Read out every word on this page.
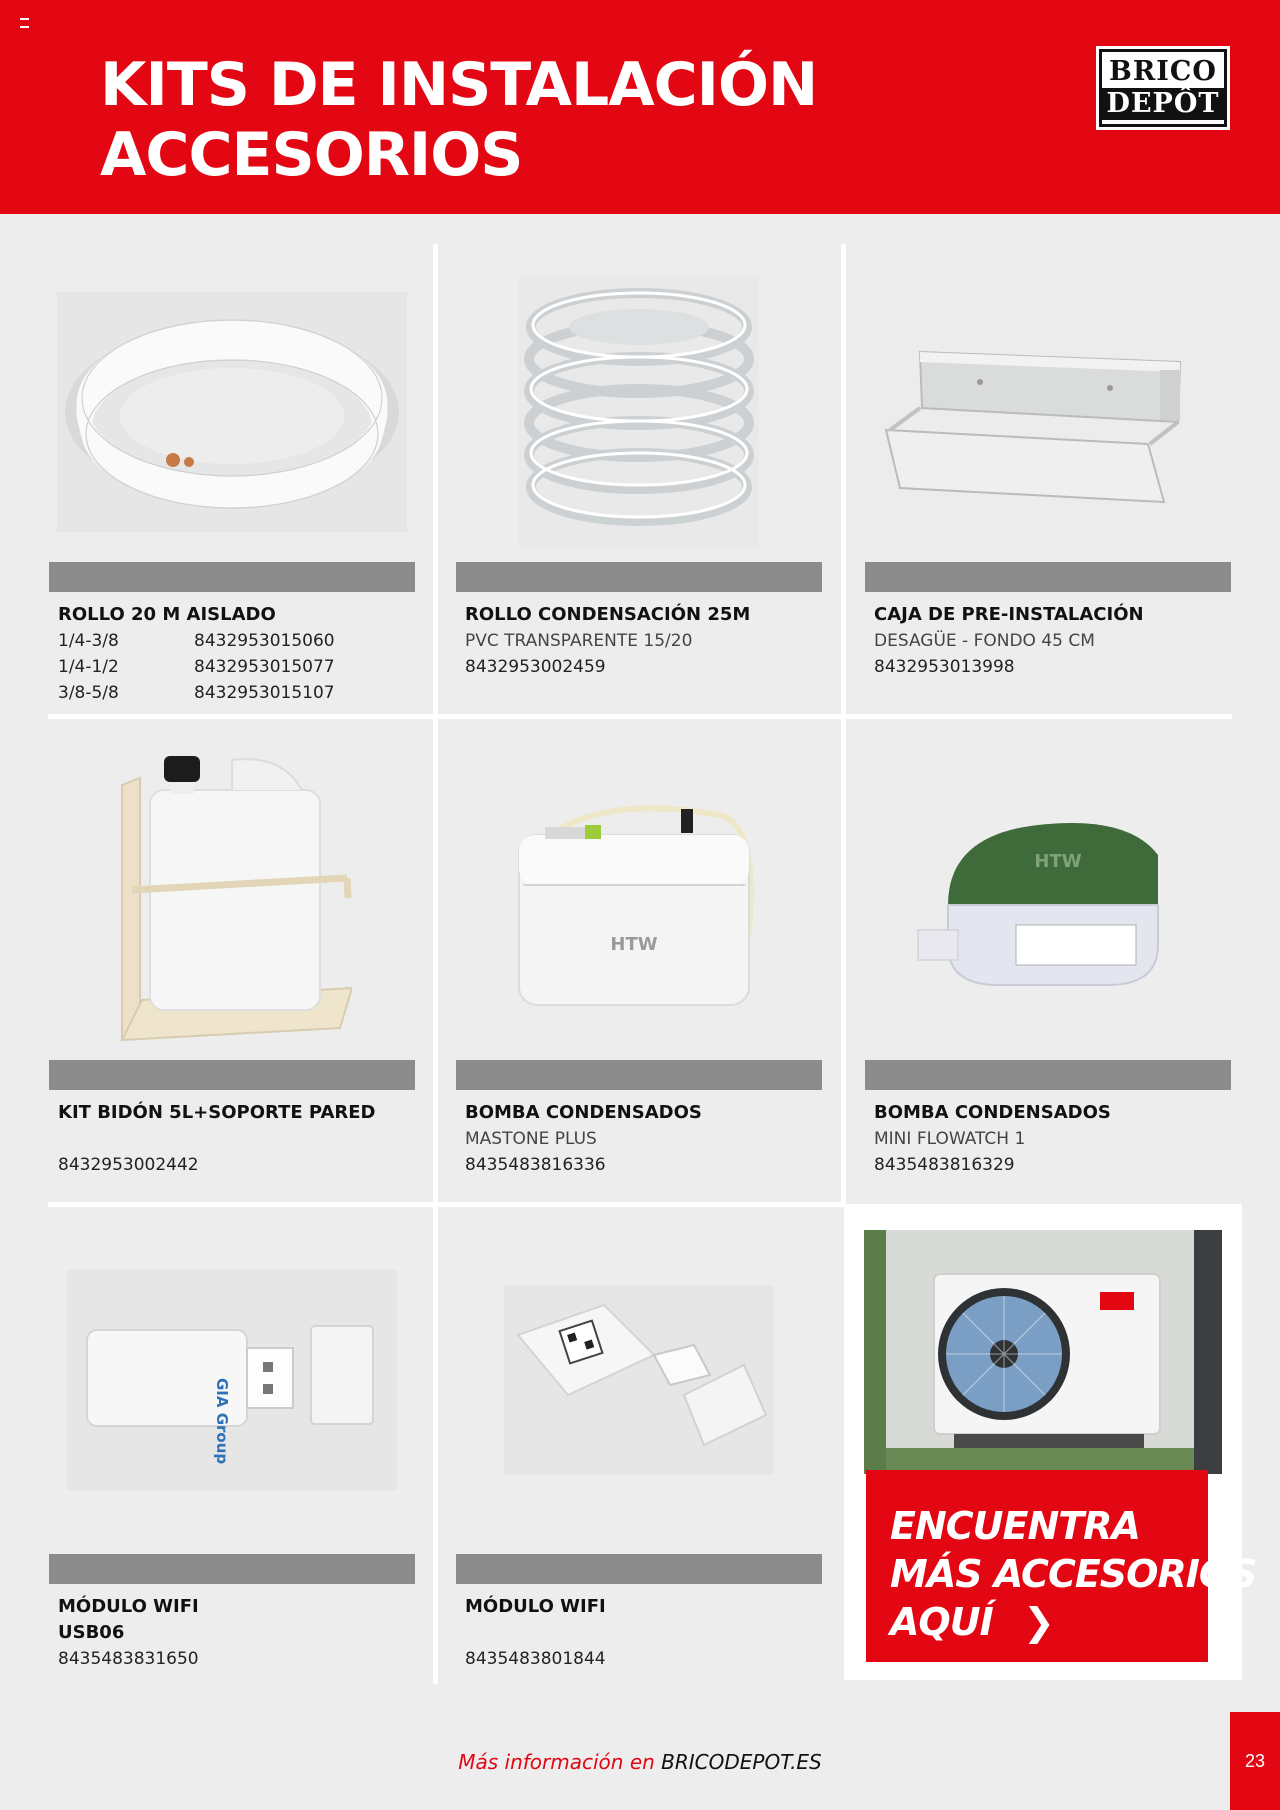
KITS DE INSTALACIÓN
ACCESORIOS
BRICO
DEPÔT
ROLLO 20 M AISLADO
1/4-3/8	8432953015060
1/4-1/2	8432953015077
3/8-5/8	8432953015107
ROLLO CONDENSACIÓN 25M
PVC TRANSPARENTE 15/20
8432953002459
CAJA DE PRE-INSTALACIÓN
DESAGÜE - FONDO 45 CM
8432953013998
KIT BIDÓN 5L+SOPORTE PARED
8432953002442
HTW
BOMBA CONDENSADOS
MASTONE PLUS
8435483816336
HTW
BOMBA CONDENSADOS
MINI FLOWATCH 1
8435483816329
GIA Group
MÓDULO WIFI
USB06
8435483831650
MÓDULO WIFI
8435483801844
ENCUENTRA
MÁS ACCESORIOS
AQUÍ ❯
Más información en BRICODEPOT.ES	23
